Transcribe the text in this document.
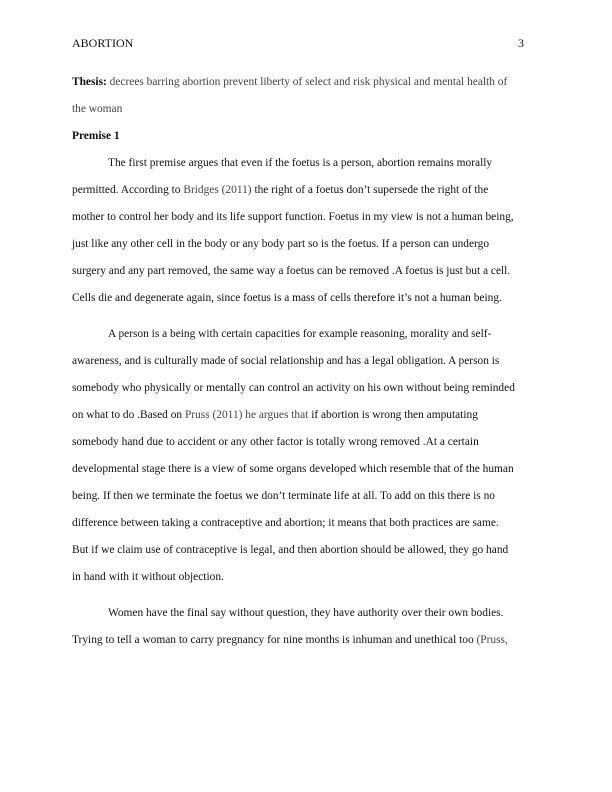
ABORTION	3
Thesis: decrees barring abortion prevent liberty of select and risk physical and mental health of
the woman
Premise 1
The first premise argues that even if the foetus is a person, abortion remains morally
permitted. According to Bridges (2011) the right of a foetus don’t supersede the right of the
mother to control her body and its life support function. Foetus in my view is not a human being,
just like any other cell in the body or any body part so is the foetus. If a person can undergo
surgery and any part removed, the same way a foetus can be removed .A foetus is just but a cell.
Cells die and degenerate again, since foetus is a mass of cells therefore it’s not a human being.
A person is a being with certain capacities for example reasoning, morality and self-
awareness, and is culturally made of social relationship and has a legal obligation. A person is
somebody who physically or mentally can control an activity on his own without being reminded
on what to do .Based on Pruss (2011) he argues that if abortion is wrong then amputating
somebody hand due to accident or any other factor is totally wrong removed .At a certain
developmental stage there is a view of some organs developed which resemble that of the human
being. If then we terminate the foetus we don’t terminate life at all. To add on this there is no
difference between taking a contraceptive and abortion; it means that both practices are same.
But if we claim use of contraceptive is legal, and then abortion should be allowed, they go hand
in hand with it without objection.
Women have the final say without question, they have authority over their own bodies.
Trying to tell a woman to carry pregnancy for nine months is inhuman and unethical too (Pruss,
